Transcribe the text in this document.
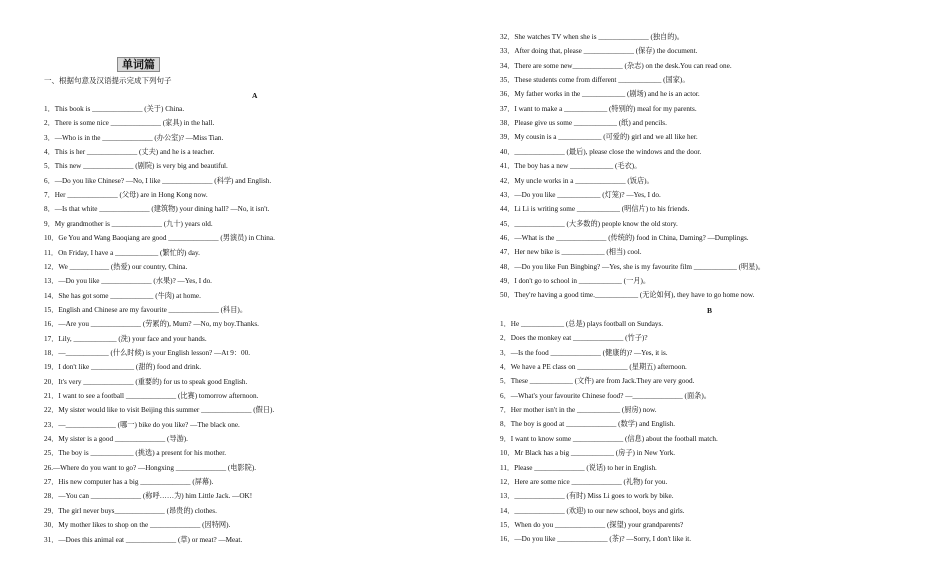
单词篇
一、根据句意及汉语提示完成下列句子
A
1．This book is ______________ (关于) China.
2．There is some nice ______________ (家具) in the hall.
3．—Who is in the ______________ (办公室)? —Miss Tian.
4．This is her ______________ (丈夫) and he is a teacher.
5．This new ______________ (剧院) is very big and beautiful.
6．—Do you like Chinese? —No, I like ______________ (科学) and English.
7．Her ______________ (父母) are in Hong Kong now.
8．—Is that white ______________ (建筑物) your dining hall? —No, it isn't.
9．My grandmother is ______________ (九十) years old.
10．Ge You and Wang Baoqiang are good ______________ (男演员) in China.
11．On Friday, I have a ____________ (繁忙的) day.
12．We ___________ (热爱) our country, China.
13．—Do you like ______________ (水果)? —Yes, I do.
14．She has got some ____________ (牛肉) at home.
15．English and Chinese are my favourite ______________ (科目)。
16．—Are you ______________ (劳累的), Mum? —No, my boy.Thanks.
17．Lily, ____________ (洗) your face and your hands.
18．—____________ (什么时候) is your English lesson? —At 9：00.
19．I don't like ____________ (甜的) food and drink.
20．It's very ______________ (重要的) for us to speak good English.
21．I want to see a football ______________ (比赛) tomorrow afternoon.
22．My sister would like to visit Beijing this summer ______________ (假日).
23．—______________ (哪一) bike do you like? —The black one.
24．My sister is a good ______________ (导游).
25．The boy is ____________ (挑选) a present for his mother.
26.—Where do you want to go? —Hongxing ______________ (电影院).
27．His new computer has a big ______________ (屏幕).
28．—You can ______________ (称呼……为) him Little Jack. —OK!
29．The girl never buys______________ (昂贵的) clothes.
30．My mother likes to shop on the ______________ (因特网).
31．—Does this animal eat ______________ (草) or meat? —Meat.
32．She watches TV when she is ______________ (独自的)。
33．After doing that, please ______________ (保存) the document.
34．There are some new______________ (杂志) on the desk.You can read one.
35．These students come from different ____________ (国家)。
36．My father works in the ____________ (剧场) and he is an actor.
37．I want to make a ____________ (特别的) meal for my parents.
38．Please give us some ____________ (纸) and pencils.
39．My cousin is a ____________ (可爱的) girl and we all like her.
40．______________ (最后), please close the windows and the door.
41．The boy has a new ____________ (毛衣)。
42．My uncle works in a ______________ (饭店)。
43．—Do you like ____________ (灯笼)? —Yes, I do.
44．Li Li is writing some ____________ (明信片) to his friends.
45．______________ (大多数的) people know the old story.
46．—What is the ______________ (传统的) food in China, Daming? —Dumplings.
47．Her new bike is ____________ (相当) cool.
48．—Do you like Fun Bingbing? —Yes, she is my favourite film ____________ (明星)。
49．I don't go to school in ____________ (一月)。
50．They're having a good time.____________ (无论如何), they have to go home now.
B
1．He ____________ (总是) plays football on Sundays.
2．Does the monkey eat ______________ (竹子)?
3．—Is the food ______________ (健康的)? —Yes, it is.
4．We have a PE class on ______________ (星期五) afternoon.
5．These ____________ (文件) are from Jack.They are very good.
6．—What's your favourite Chinese food? —______________ (面条)。
7．Her mother isn't in the ____________ (厨房) now.
8．The boy is good at ______________ (数学) and English.
9．I want to know some ______________ (信息) about the football match.
10．Mr Black has a big ____________ (房子) in New York.
11．Please ______________ (说话) to her in English.
12．Here are some nice ______________ (礼物) for you.
13．______________ (有时) Miss Li goes to work by bike.
14．______________ (欢迎) to our new school, boys and girls.
15．When do you ______________ (探望) your grandparents?
16．—Do you like ______________ (茶)? —Sorry, I don't like it.
